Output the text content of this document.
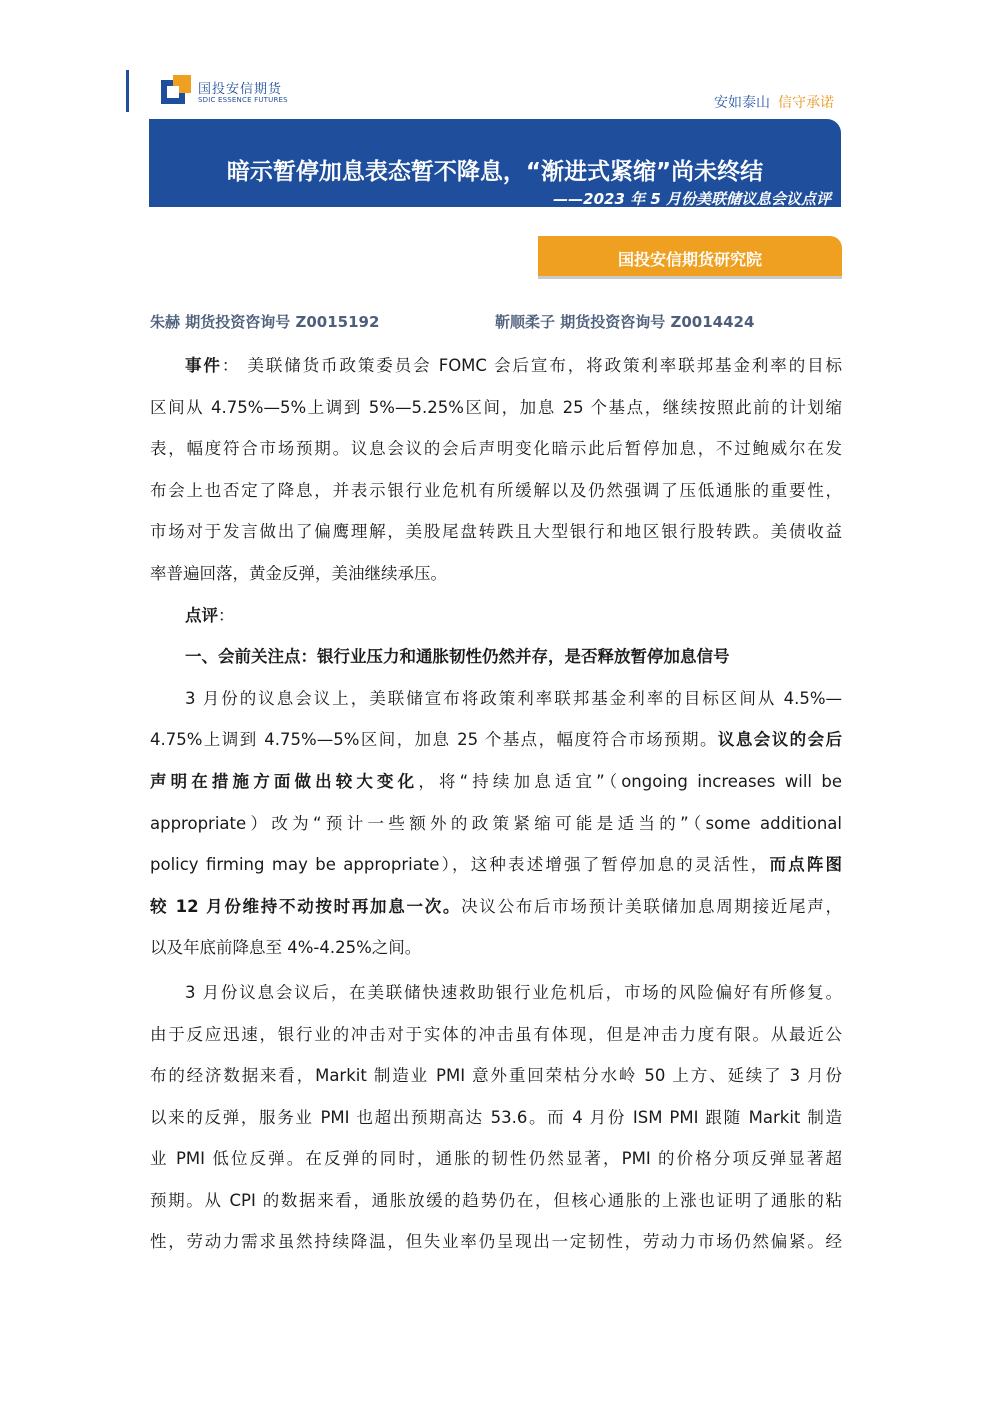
国投安信期货
SDIC ESSENCE FUTURES	安如泰山 信守承诺
暗示暂停加息表态暂不降息，“渐进式紧缩”尚未终结
——2023 年 5 月份美联储议息会议点评
国投安信期货研究院
朱赫 期货投资咨询号 Z0015192	靳顺柔子 期货投资咨询号 Z0014424
事件： 美联储货币政策委员会 FOMC 会后宣布，将政策利率联邦基金利率的目标
区间从 4.75%—5%上调到 5%—5.25%区间，加息 25 个基点，继续按照此前的计划缩
表，幅度符合市场预期。议息会议的会后声明变化暗示此后暂停加息，不过鲍威尔在发
布会上也否定了降息，并表示银行业危机有所缓解以及仍然强调了压低通胀的重要性，
市场对于发言做出了偏鹰理解，美股尾盘转跌且大型银行和地区银行股转跌。美债收益
率普遍回落，黄金反弹，美油继续承压。
点评：
一、会前关注点：银行业压力和通胀韧性仍然并存，是否释放暂停加息信号
3 月份的议息会议上，美联储宣布将政策利率联邦基金利率的目标区间从 4.5%—
4.75%上调到 4.75%—5%区间，加息 25 个基点，幅度符合市场预期。议息会议的会后
声明在措施方面做出较大变化，将“持续加息适宜”（ongoing increases will be
appropriate）改为“预计一些额外的政策紧缩可能是适当的”（some additional
policy firming may be appropriate），这种表述增强了暂停加息的灵活性，而点阵图
较 12 月份维持不动按时再加息一次。决议公布后市场预计美联储加息周期接近尾声，
以及年底前降息至 4%-4.25%之间。
3 月份议息会议后，在美联储快速救助银行业危机后，市场的风险偏好有所修复。
由于反应迅速，银行业的冲击对于实体的冲击虽有体现，但是冲击力度有限。从最近公
布的经济数据来看，Markit 制造业 PMI 意外重回荣枯分水岭 50 上方、延续了 3 月份
以来的反弹，服务业 PMI 也超出预期高达 53.6。而 4 月份 ISM PMI 跟随 Markit 制造
业 PMI 低位反弹。在反弹的同时，通胀的韧性仍然显著，PMI 的价格分项反弹显著超
预期。从 CPI 的数据来看，通胀放缓的趋势仍在，但核心通胀的上涨也证明了通胀的粘
性，劳动力需求虽然持续降温，但失业率仍呈现出一定韧性，劳动力市场仍然偏紧。经
